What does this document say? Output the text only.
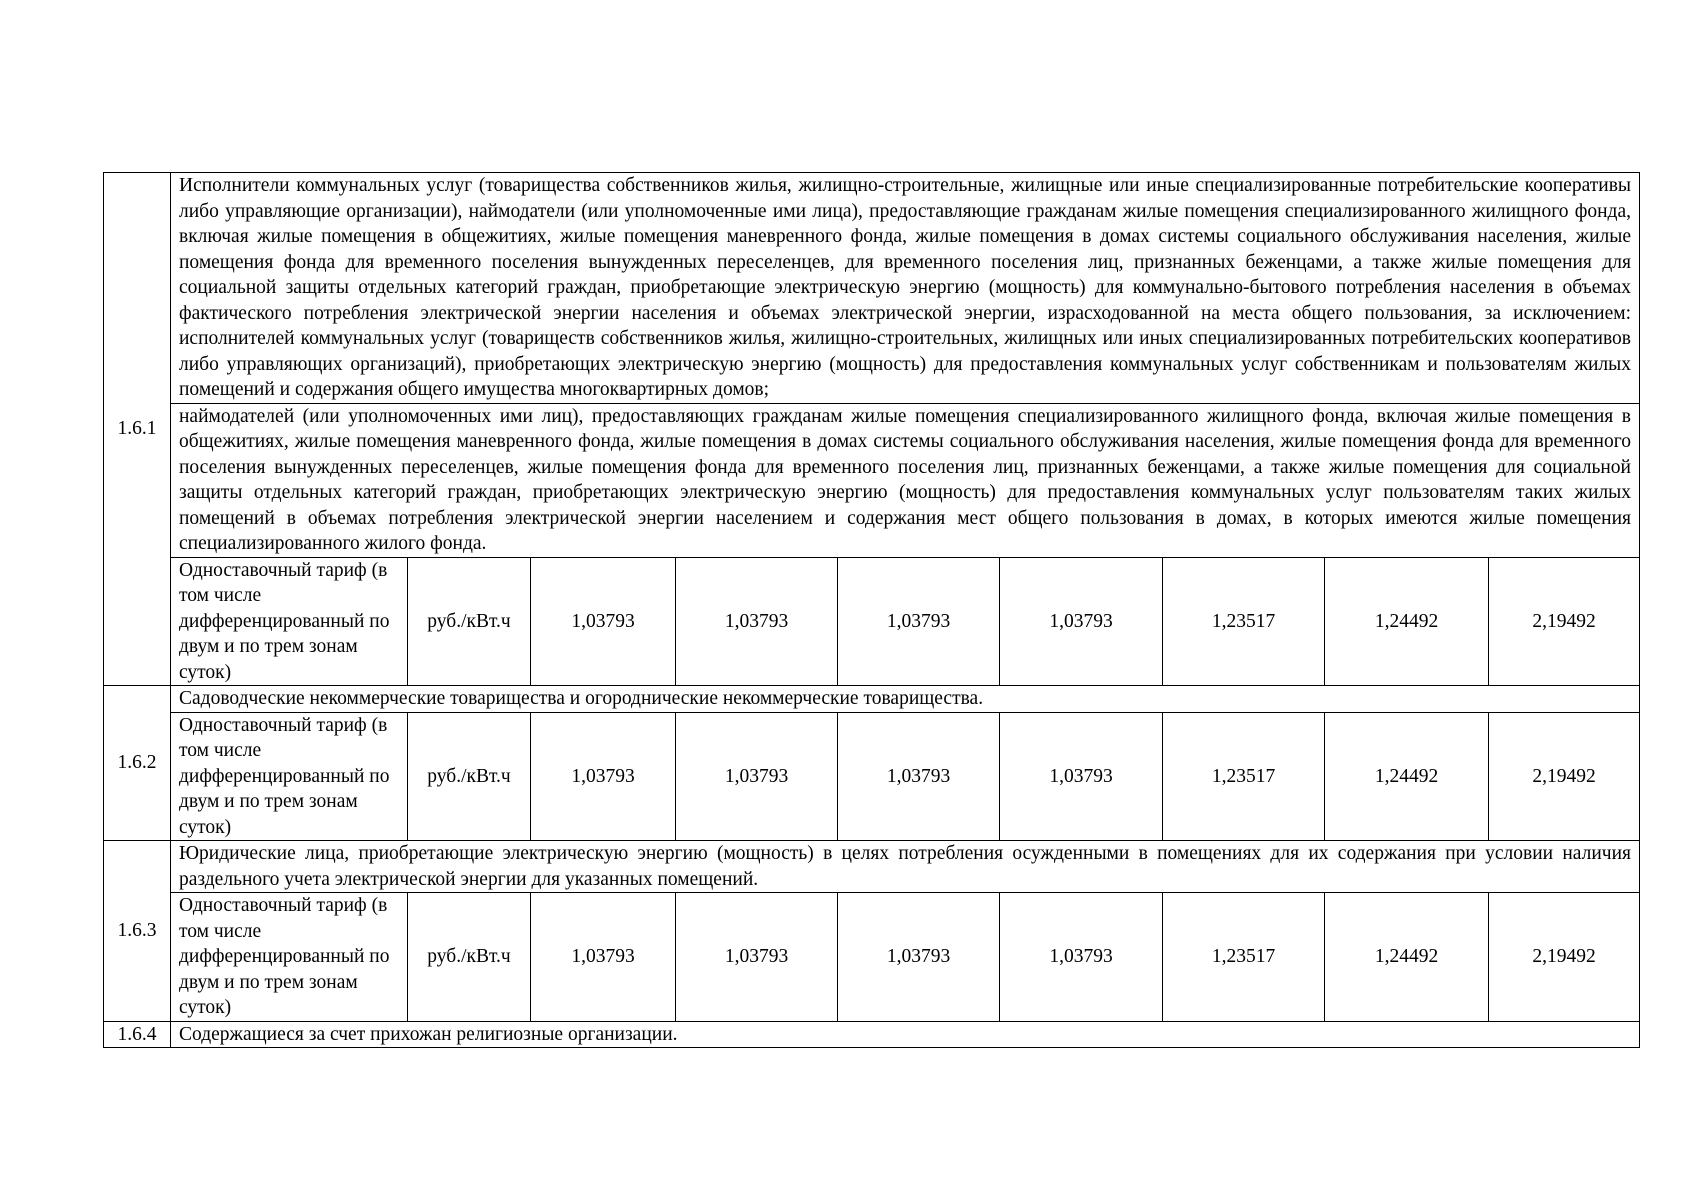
1.6.1	Исполнители коммунальных услуг (товарищества собственников жилья, жилищно-строительные, жилищные или иные специализированные потребительские кооперативы либо управляющие организации), наймодатели (или уполномоченные ими лица), предоставляющие гражданам жилые помещения специализированного жилищного фонда, включая жилые помещения в общежитиях, жилые помещения маневренного фонда, жилые помещения в домах системы социального обслуживания населения, жилые помещения фонда для временного поселения вынужденных переселенцев, для временного поселения лиц, признанных беженцами, а также жилые помещения для социальной защиты отдельных категорий граждан, приобретающие электрическую энергию (мощность) для коммунально-бытового потребления населения в объемах фактического потребления электрической энергии населения и объемах электрической энергии, израсходованной на места общего пользования, за исключением: исполнителей коммунальных услуг (товариществ собственников жилья, жилищно-строительных, жилищных или иных специализированных потребительских кооперативов либо управляющих организаций), приобретающих электрическую энергию (мощность) для предоставления коммунальных услуг собственникам и пользователям жилых помещений и содержания общего имущества многоквартирных домов;								
	наймодателей (или уполномоченных ими лиц), предоставляющих гражданам жилые помещения специализированного жилищного фонда, включая жилые помещения в общежитиях, жилые помещения маневренного фонда, жилые помещения в домах системы социального обслуживания населения, жилые помещения фонда для временного поселения вынужденных переселенцев, жилые помещения фонда для временного поселения лиц, признанных беженцами, а также жилые помещения для социальной защиты отдельных категорий граждан, приобретающих электрическую энергию (мощность) для предоставления коммунальных услуг пользователям таких жилых помещений в объемах потребления электрической энергии населением и содержания мест общего пользования в домах, в которых имеются жилые помещения специализированного жилого фонда.								
	Одноставочный тариф (в том числе дифференцированный по двум и по трем зонам суток)	руб./кВт.ч	1,03793	1,03793	1,03793	1,03793	1,23517	1,24492	2,19492
1.6.2	Садоводческие некоммерческие товарищества и огороднические некоммерческие товарищества.								
	Одноставочный тариф (в том числе дифференцированный по двум и по трем зонам суток)	руб./кВт.ч	1,03793	1,03793	1,03793	1,03793	1,23517	1,24492	2,19492
1.6.3	Юридические лица, приобретающие электрическую энергию (мощность) в целях потребления осужденными в помещениях для их содержания при условии наличия раздельного учета электрической энергии для указанных помещений.								
	Одноставочный тариф (в том числе дифференцированный по двум и по трем зонам суток)	руб./кВт.ч	1,03793	1,03793	1,03793	1,03793	1,23517	1,24492	2,19492
1.6.4	Содержащиеся за счет прихожан религиозные организации.								
